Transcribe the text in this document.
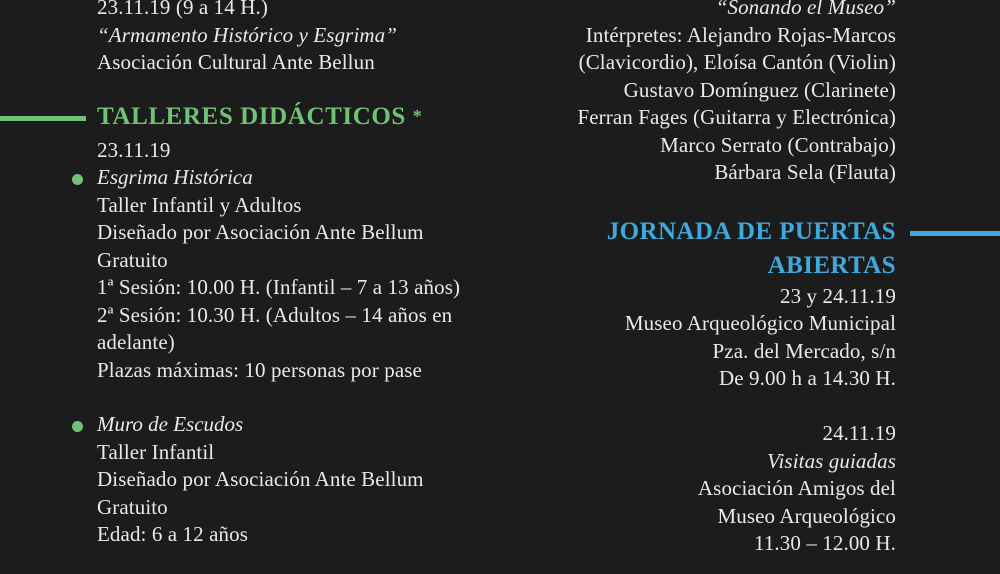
23.11.19 (9 a 14 H.)
“Armamento Histórico y Esgrima”
Asociación Cultural Ante Bellun
TALLERES DIDÁCTICOS *
23.11.19
Esgrima Histórica
Taller Infantil y Adultos
Diseñado por Asociación Ante Bellum
Gratuito
1ª Sesión: 10.00 H. (Infantil – 7 a 13 años)
2ª Sesión: 10.30 H. (Adultos – 14 años en
adelante)
Plazas máximas: 10 personas por pase
Muro de Escudos
Taller Infantil
Diseñado por Asociación Ante Bellum
Gratuito
Edad: 6 a 12 años
“Sonando el Museo”
Intérpretes: Alejandro Rojas-Marcos
(Clavicordio), Eloísa Cantón (Violin)
Gustavo Domínguez (Clarinete)
Ferran Fages (Guitarra y Electrónica)
Marco Serrato (Contrabajo)
Bárbara Sela (Flauta)
JORNADA DE PUERTAS
ABIERTAS
23 y 24.11.19
Museo Arqueológico Municipal
Pza. del Mercado, s/n
De 9.00 h a 14.30 H.
24.11.19
Visitas guiadas
Asociación Amigos del
Museo Arqueológico
11.30 – 12.00 H.
